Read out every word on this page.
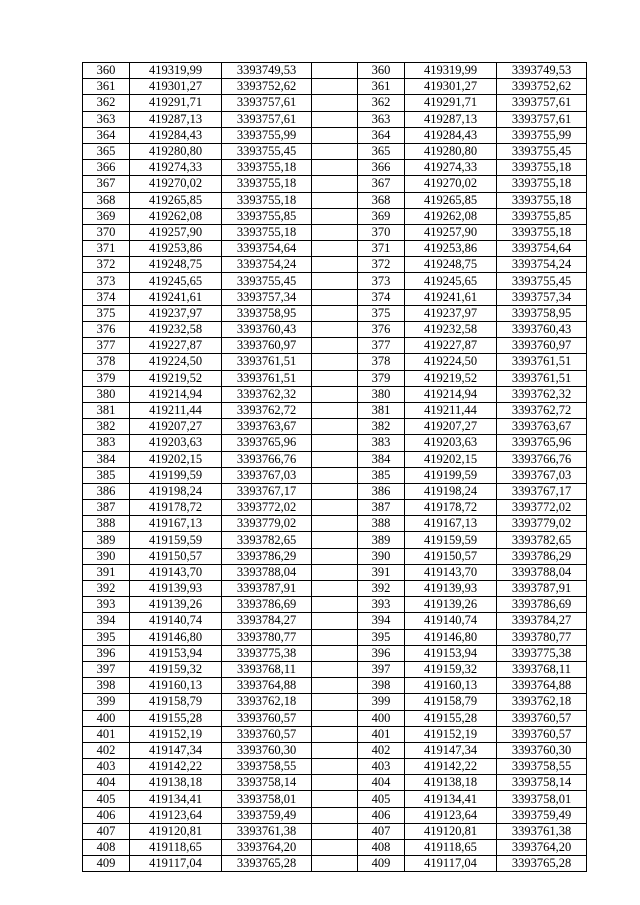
360	419319,99	3393749,53		360	419319,99	3393749,53
361	419301,27	3393752,62		361	419301,27	3393752,62
362	419291,71	3393757,61		362	419291,71	3393757,61
363	419287,13	3393757,61		363	419287,13	3393757,61
364	419284,43	3393755,99		364	419284,43	3393755,99
365	419280,80	3393755,45		365	419280,80	3393755,45
366	419274,33	3393755,18		366	419274,33	3393755,18
367	419270,02	3393755,18		367	419270,02	3393755,18
368	419265,85	3393755,18		368	419265,85	3393755,18
369	419262,08	3393755,85		369	419262,08	3393755,85
370	419257,90	3393755,18		370	419257,90	3393755,18
371	419253,86	3393754,64		371	419253,86	3393754,64
372	419248,75	3393754,24		372	419248,75	3393754,24
373	419245,65	3393755,45		373	419245,65	3393755,45
374	419241,61	3393757,34		374	419241,61	3393757,34
375	419237,97	3393758,95		375	419237,97	3393758,95
376	419232,58	3393760,43		376	419232,58	3393760,43
377	419227,87	3393760,97		377	419227,87	3393760,97
378	419224,50	3393761,51		378	419224,50	3393761,51
379	419219,52	3393761,51		379	419219,52	3393761,51
380	419214,94	3393762,32		380	419214,94	3393762,32
381	419211,44	3393762,72		381	419211,44	3393762,72
382	419207,27	3393763,67		382	419207,27	3393763,67
383	419203,63	3393765,96		383	419203,63	3393765,96
384	419202,15	3393766,76		384	419202,15	3393766,76
385	419199,59	3393767,03		385	419199,59	3393767,03
386	419198,24	3393767,17		386	419198,24	3393767,17
387	419178,72	3393772,02		387	419178,72	3393772,02
388	419167,13	3393779,02		388	419167,13	3393779,02
389	419159,59	3393782,65		389	419159,59	3393782,65
390	419150,57	3393786,29		390	419150,57	3393786,29
391	419143,70	3393788,04		391	419143,70	3393788,04
392	419139,93	3393787,91		392	419139,93	3393787,91
393	419139,26	3393786,69		393	419139,26	3393786,69
394	419140,74	3393784,27		394	419140,74	3393784,27
395	419146,80	3393780,77		395	419146,80	3393780,77
396	419153,94	3393775,38		396	419153,94	3393775,38
397	419159,32	3393768,11		397	419159,32	3393768,11
398	419160,13	3393764,88		398	419160,13	3393764,88
399	419158,79	3393762,18		399	419158,79	3393762,18
400	419155,28	3393760,57		400	419155,28	3393760,57
401	419152,19	3393760,57		401	419152,19	3393760,57
402	419147,34	3393760,30		402	419147,34	3393760,30
403	419142,22	3393758,55		403	419142,22	3393758,55
404	419138,18	3393758,14		404	419138,18	3393758,14
405	419134,41	3393758,01		405	419134,41	3393758,01
406	419123,64	3393759,49		406	419123,64	3393759,49
407	419120,81	3393761,38		407	419120,81	3393761,38
408	419118,65	3393764,20		408	419118,65	3393764,20
409	419117,04	3393765,28		409	419117,04	3393765,28
